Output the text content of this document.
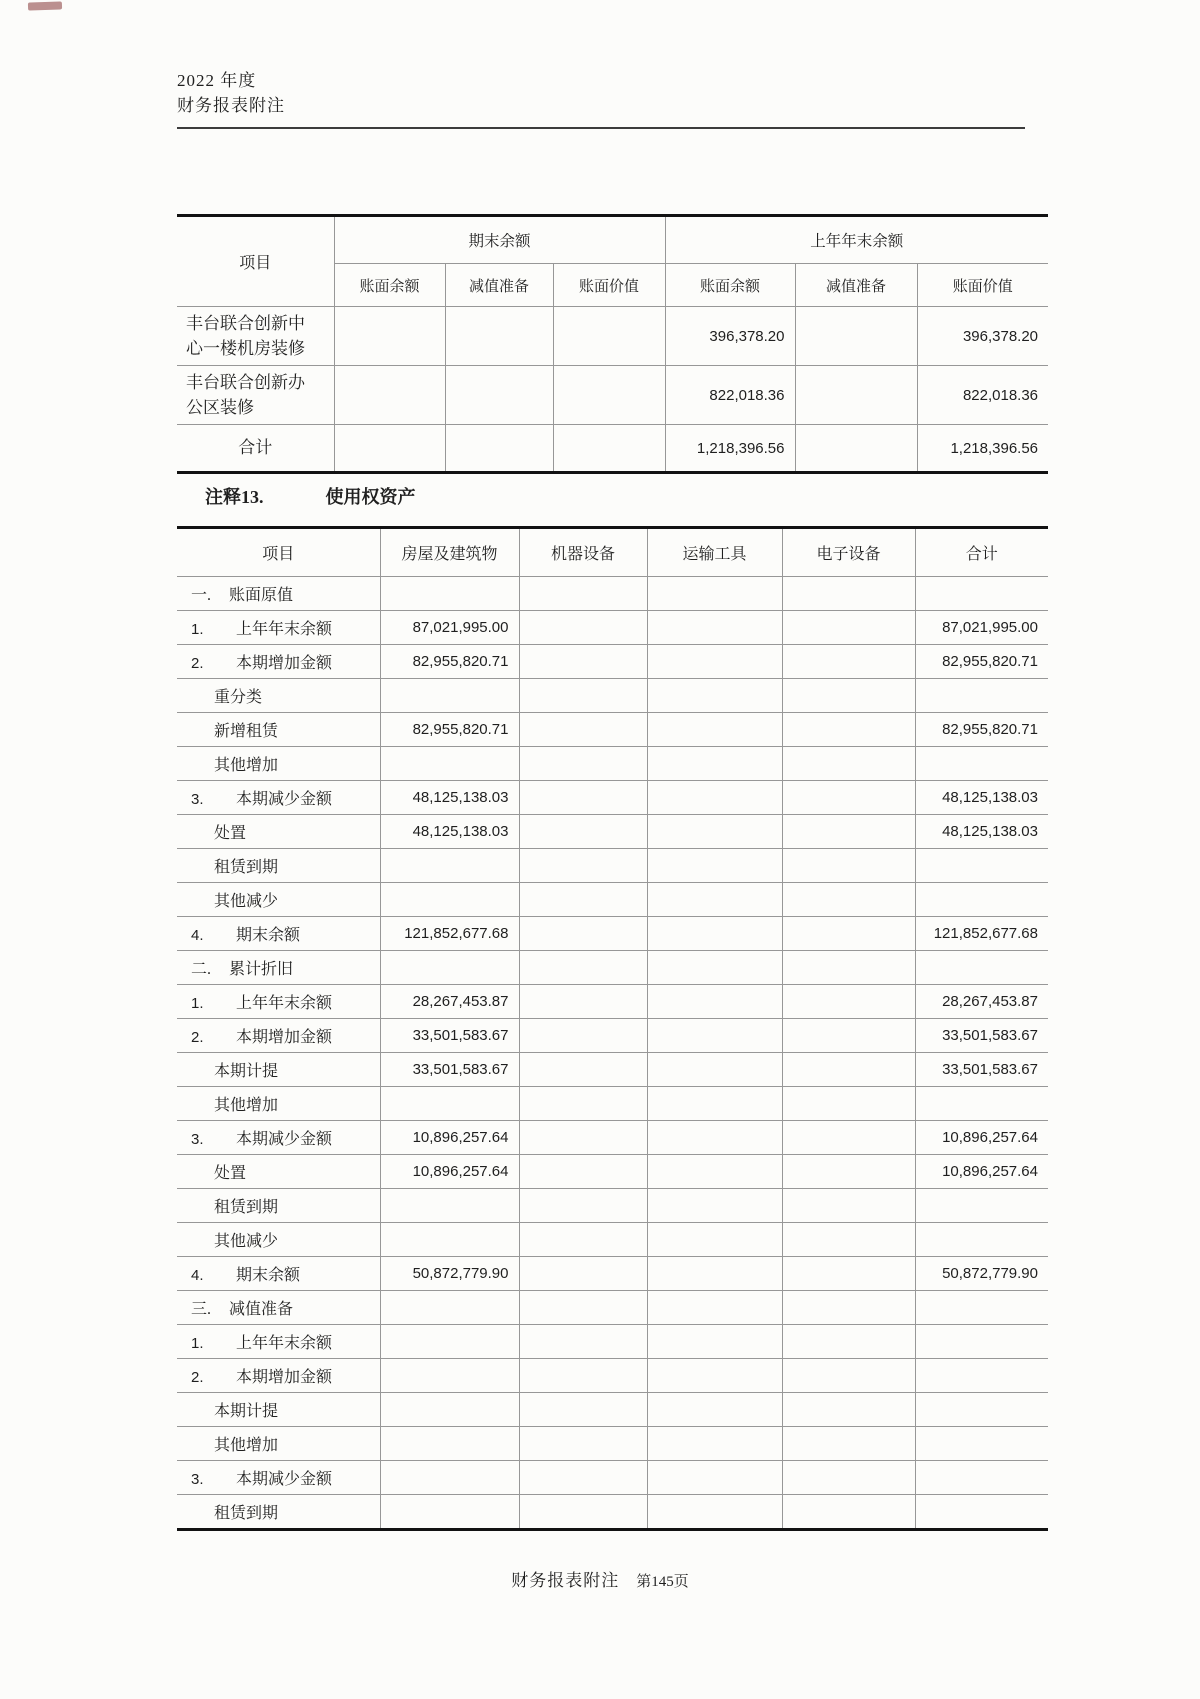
2022 年度
财务报表附注
项目	期末余额			上年年末余额		
	账面余额	减值准备	账面价值	账面余额	减值准备	账面价值
丰台联合创新中心一楼机房装修				396,378.20		396,378.20
丰台联合创新办公区装修				822,018.36		822,018.36
合计				1,218,396.56		1,218,396.56
注释13.	使用权资产
项目	房屋及建筑物	机器设备	运输工具	电子设备	合计
一. 账面原值					
1. 上年年末余额	87,021,995.00				87,021,995.00
2. 本期增加金额	82,955,820.71				82,955,820.71
重分类					
新增租赁	82,955,820.71				82,955,820.71
其他增加					
3. 本期减少金额	48,125,138.03				48,125,138.03
处置	48,125,138.03				48,125,138.03
租赁到期					
其他减少					
4. 期末余额	121,852,677.68				121,852,677.68
二. 累计折旧					
1. 上年年末余额	28,267,453.87				28,267,453.87
2. 本期增加金额	33,501,583.67				33,501,583.67
本期计提	33,501,583.67				33,501,583.67
其他增加					
3. 本期减少金额	10,896,257.64				10,896,257.64
处置	10,896,257.64				10,896,257.64
租赁到期					
其他减少					
4. 期末余额	50,872,779.90				50,872,779.90
三. 减值准备					
1. 上年年末余额					
2. 本期增加金额					
本期计提					
其他增加					
3. 本期减少金额					
租赁到期					
财务报表附注 第145页
